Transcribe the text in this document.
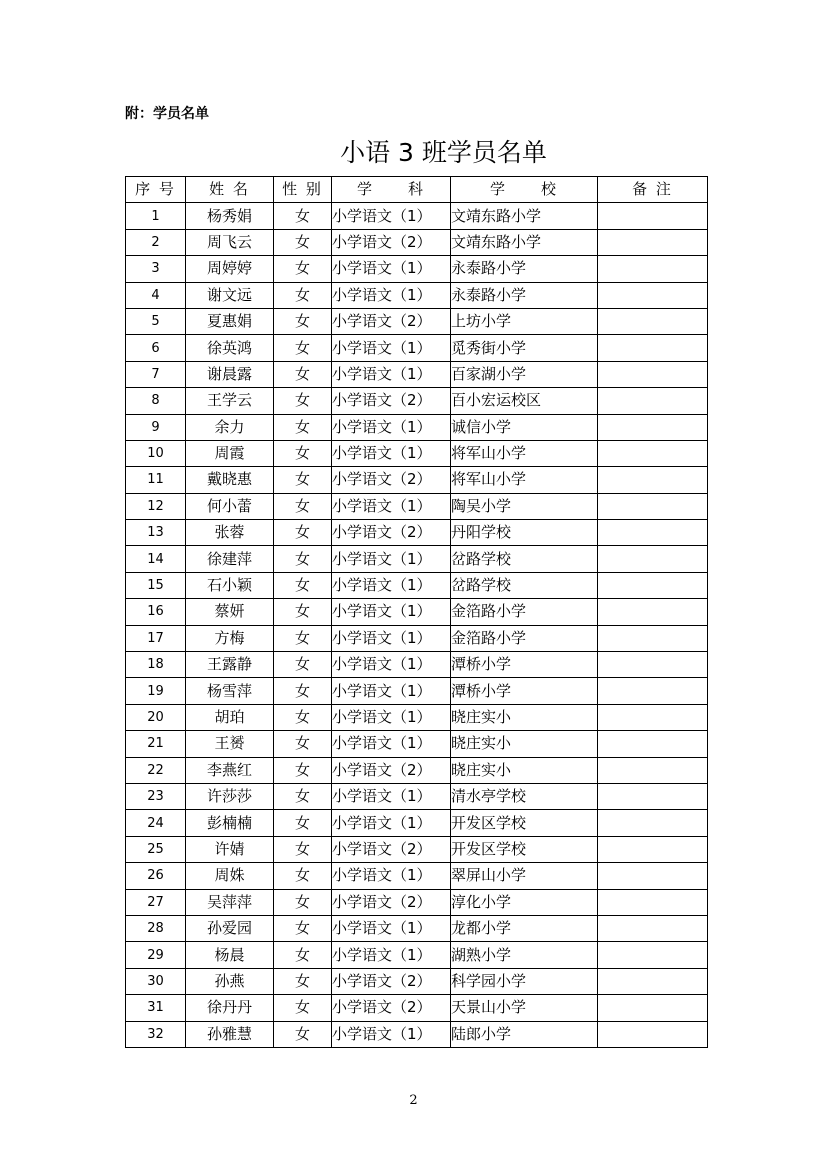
附：学员名单
小语 3 班学员名单
序 号	姓 名	性 别	学　　科	学　　校	备 注
1	杨秀娟	女	小学语文（1）	文靖东路小学	
2	周飞云	女	小学语文（2）	文靖东路小学	
3	周婷婷	女	小学语文（1）	永泰路小学	
4	谢文远	女	小学语文（1）	永泰路小学	
5	夏惠娟	女	小学语文（2）	上坊小学	
6	徐英鸿	女	小学语文（1）	觅秀街小学	
7	谢晨露	女	小学语文（1）	百家湖小学	
8	王学云	女	小学语文（2）	百小宏运校区	
9	余力	女	小学语文（1）	诚信小学	
10	周霞	女	小学语文（1）	将军山小学	
11	戴晓惠	女	小学语文（2）	将军山小学	
12	何小蕾	女	小学语文（1）	陶吴小学	
13	张蓉	女	小学语文（2）	丹阳学校	
14	徐建萍	女	小学语文（1）	岔路学校	
15	石小颖	女	小学语文（1）	岔路学校	
16	蔡妍	女	小学语文（1）	金箔路小学	
17	方梅	女	小学语文（1）	金箔路小学	
18	王露静	女	小学语文（1）	潭桥小学	
19	杨雪萍	女	小学语文（1）	潭桥小学	
20	胡珀	女	小学语文（1）	晓庄实小	
21	王赟	女	小学语文（1）	晓庄实小	
22	李燕红	女	小学语文（2）	晓庄实小	
23	许莎莎	女	小学语文（1）	清水亭学校	
24	彭楠楠	女	小学语文（1）	开发区学校	
25	许婧	女	小学语文（2）	开发区学校	
26	周姝	女	小学语文（1）	翠屏山小学	
27	吴萍萍	女	小学语文（2）	淳化小学	
28	孙爱园	女	小学语文（1）	龙都小学	
29	杨晨	女	小学语文（1）	湖熟小学	
30	孙燕	女	小学语文（2）	科学园小学	
31	徐丹丹	女	小学语文（2）	天景山小学	
32	孙雅慧	女	小学语文（1）	陆郎小学	
2
